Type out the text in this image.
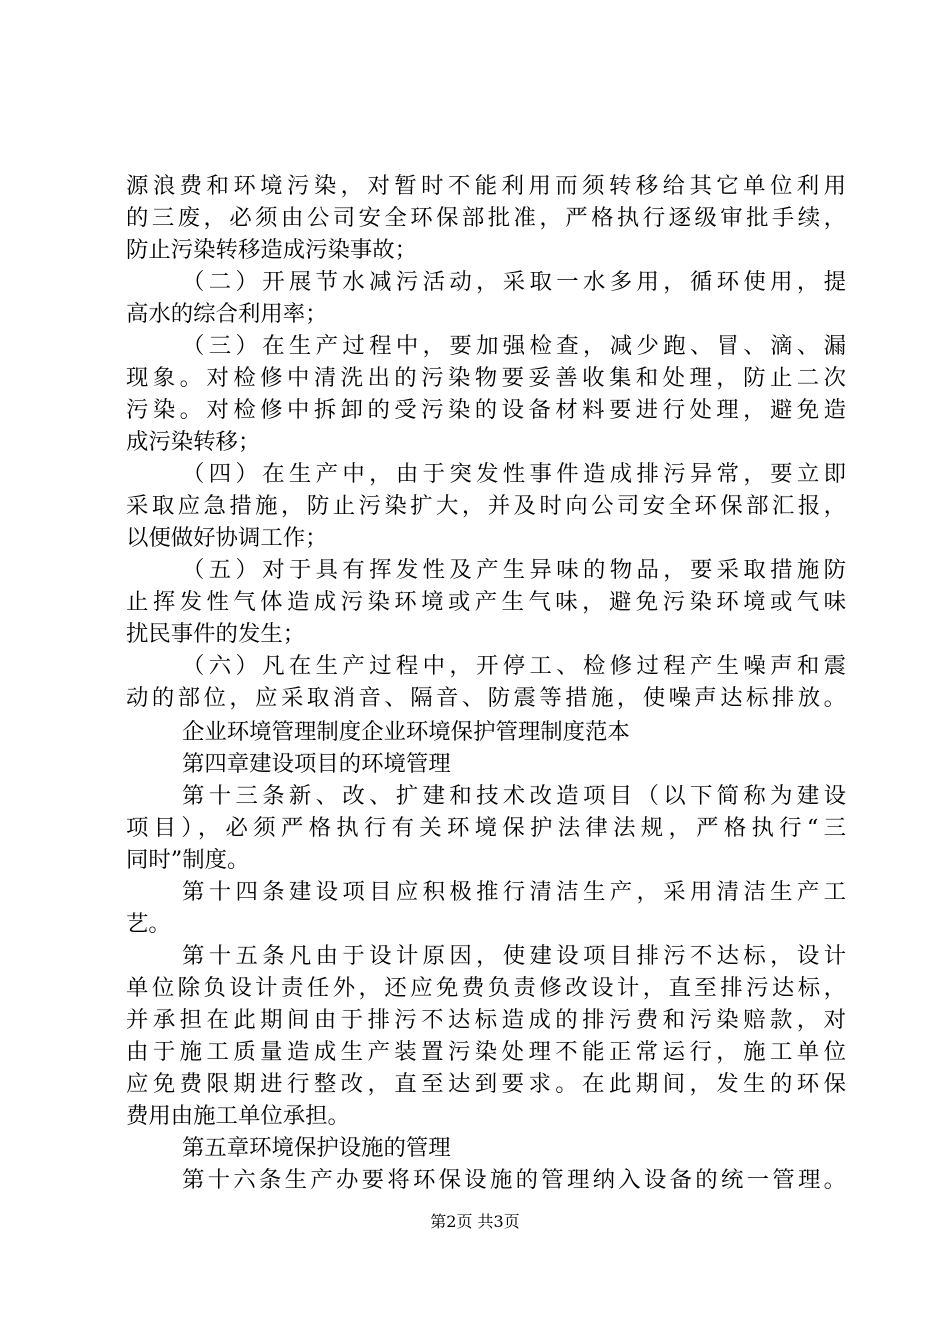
源浪费和环境污染，对暂时不能利用而须转移给其它单位利用
的三废，必须由公司安全环保部批准，严格执行逐级审批手续，
防止污染转移造成污染事故；
（二）开展节水减污活动，采取一水多用，循环使用，提
高水的综合利用率；
（三）在生产过程中，要加强检查，减少跑、冒、滴、漏
现象。对检修中清洗出的污染物要妥善收集和处理，防止二次
污染。对检修中拆卸的受污染的设备材料要进行处理，避免造
成污染转移；
（四）在生产中，由于突发性事件造成排污异常，要立即
采取应急措施，防止污染扩大，并及时向公司安全环保部汇报，
以便做好协调工作；
（五）对于具有挥发性及产生异味的物品，要采取措施防
止挥发性气体造成污染环境或产生气味，避免污染环境或气味
扰民事件的发生；
（六）凡在生产过程中，开停工、检修过程产生噪声和震
动的部位，应采取消音、隔音、防震等措施，使噪声达标排放。
企业环境管理制度企业环境保护管理制度范本
第四章建设项目的环境管理
第十三条新、改、扩建和技术改造项目（以下简称为建设
项目），必须严格执行有关环境保护法律法规，严格执行“三
同时”制度。
第十四条建设项目应积极推行清洁生产，采用清洁生产工
艺。
第十五条凡由于设计原因，使建设项目排污不达标，设计
单位除负设计责任外，还应免费负责修改设计，直至排污达标，
并承担在此期间由于排污不达标造成的排污费和污染赔款，对
由于施工质量造成生产装置污染处理不能正常运行，施工单位
应免费限期进行整改，直至达到要求。在此期间，发生的环保
费用由施工单位承担。
第五章环境保护设施的管理
第十六条生产办要将环保设施的管理纳入设备的统一管理。
第2页 共3页
